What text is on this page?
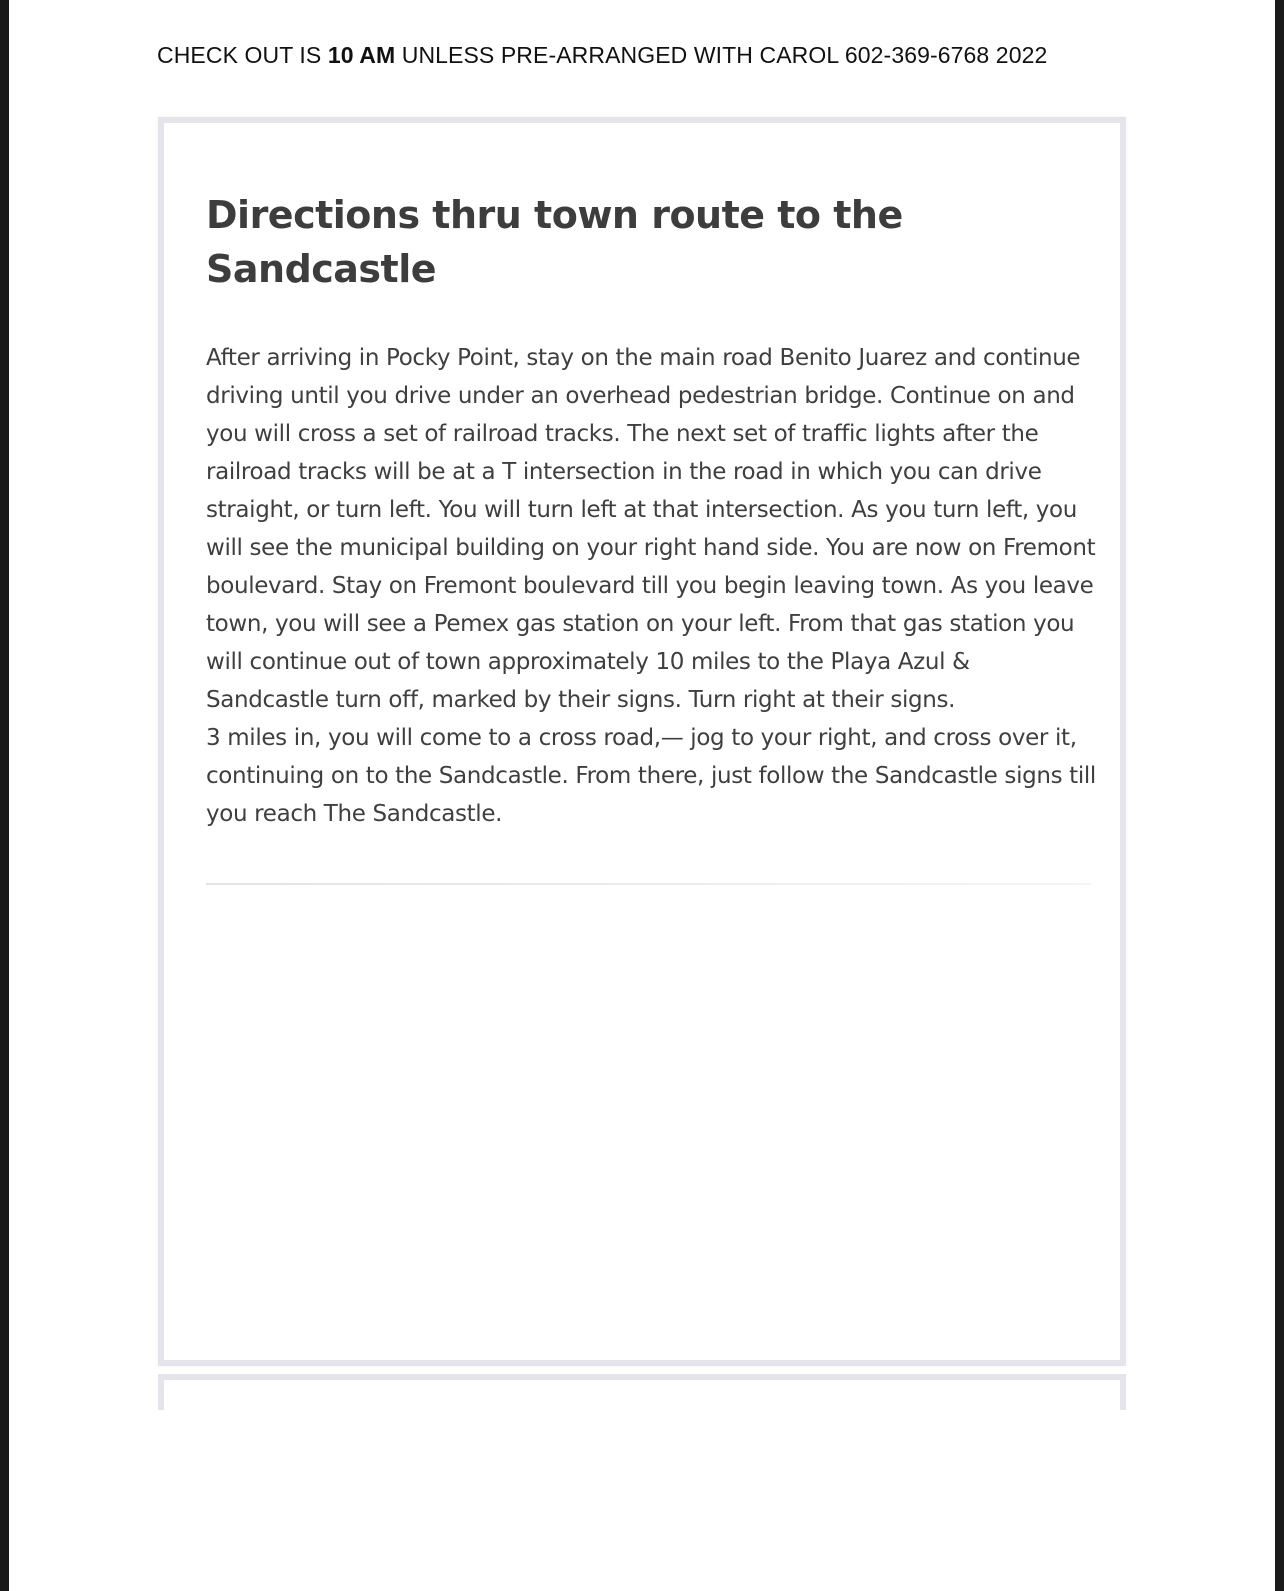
CHECK OUT IS 10 AM UNLESS PRE-ARRANGED WITH CAROL 602-369-6768 2022
Directions thru town route to the Sandcastle

After arriving in Pocky Point, stay on the main road Benito Juarez and continue driving until you drive under an overhead pedestrian bridge. Continue on and you will cross a set of railroad tracks. The next set of traffic lights after the railroad tracks will be at a T intersection in the road in which you can drive straight, or turn left. You will turn left at that intersection. As you turn left, you will see the municipal building on your right hand side. You are now on Fremont boulevard. Stay on Fremont boulevard till you begin leaving town. As you leave town, you will see a Pemex gas station on your left. From that gas station you will continue out of town approximately 10 miles to the Playa Azul & Sandcastle turn off, marked by their signs. Turn right at their signs.

3 miles in, you will come to a cross road,— jog to your right, and cross over it, continuing on to the Sandcastle. From there, just follow the Sandcastle signs till you reach The Sandcastle.
